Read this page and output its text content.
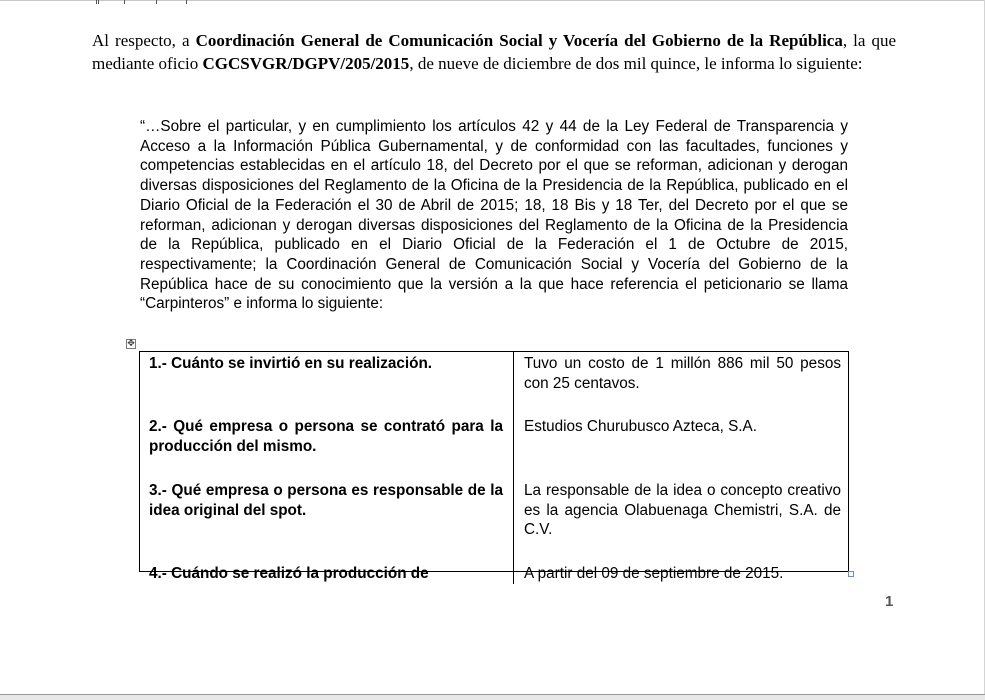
Al respecto, a Coordinación General de Comunicación Social y Vocería del Gobierno de la República, la que mediante oficio CGCSVGR/DGPV/205/2015, de nueve de diciembre de dos mil quince, le informa lo siguiente:
“…Sobre el particular, y en cumplimiento los artículos 42 y 44 de la Ley Federal de Transparencia y Acceso a la Información Pública Gubernamental, y de conformidad con las facultades, funciones y competencias establecidas en el artículo 18, del Decreto por el que se reforman, adicionan y derogan diversas disposiciones del Reglamento de la Oficina de la Presidencia de la República, publicado en el Diario Oficial de la Federación el 30 de Abril de 2015; 18, 18 Bis y 18 Ter, del Decreto por el que se reforman, adicionan y derogan diversas disposiciones del Reglamento de la Oficina de la Presidencia de la República, publicado en el Diario Oficial de la Federación el 1 de Octubre de 2015, respectivamente; la Coordinación General de Comunicación Social y Vocería del Gobierno de la República hace de su conocimiento que la versión a la que hace referencia el peticionario se llama “Carpinteros” e informa lo siguiente:
✥
1.- Cuánto se invirtió en su realización.	Tuvo un costo de 1 millón 886 mil 50 pesos con 25 centavos.

2.- Qué empresa o persona se contrató para la producción del mismo.	Estudios Churubusco Azteca, S.A.

3.- Qué empresa o persona es responsable de la idea original del spot.	La responsable de la idea o concepto creativo es la agencia Olabuenaga Chemistri, S.A. de C.V.

4.- Cuándo se realizó la producción de	A partir del 09 de septiembre de 2015.
1
